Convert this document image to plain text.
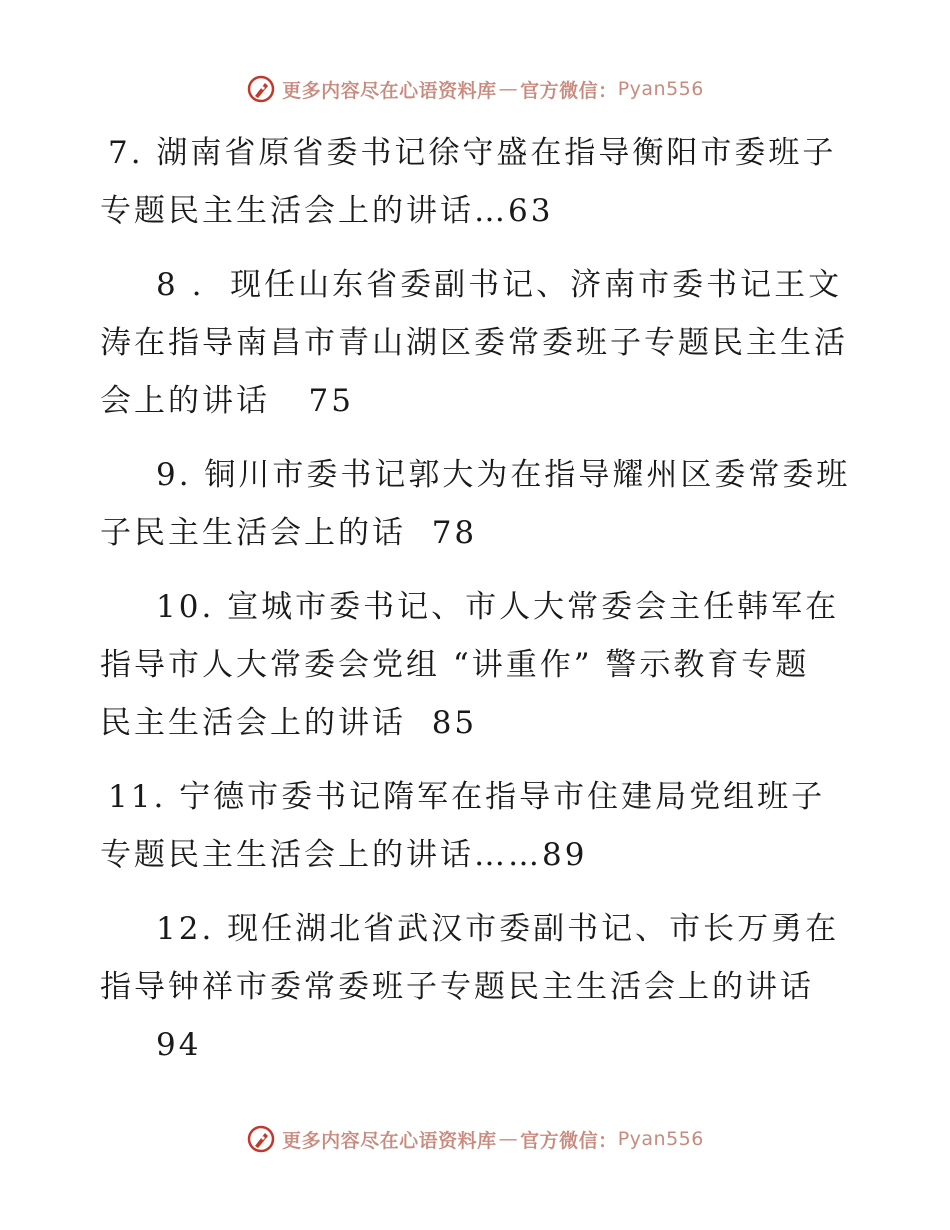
更多内容尽在心语资料库 — 官方微信： Pyan556

7. 湖南省原省委书记徐守盛在指导衡阳市委班子
专题民主生活会上的讲话…63

8 .  现任山东省委副书记、济南市委书记王文
涛在指导南昌市青山湖区委常委班子专题民主生活
会上的讲话   75

9. 铜川市委书记郭大为在指导耀州区委常委班
子民主生活会上的话  78

10. 宣城市委书记、市人大常委会主任韩军在
指导市人大常委会党组 “讲重作” 警示教育专题
民主生活会上的讲话  85

11. 宁德市委书记隋军在指导市住建局党组班子
专题民主生活会上的讲话……89

12. 现任湖北省武汉市委副书记、市长万勇在
指导钟祥市委常委班子专题民主生活会上的讲话
94

更多内容尽在心语资料库 — 官方微信： Pyan556
